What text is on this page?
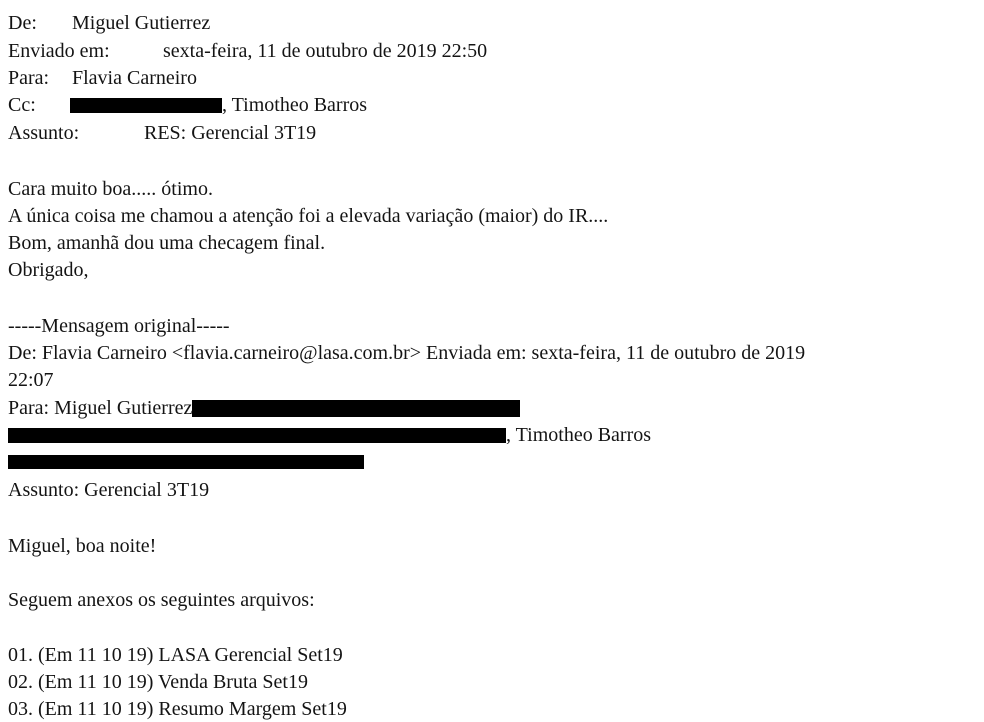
De: Miguel Gutierrez
Enviado em:	sexta-feira, 11 de outubro de 2019 22:50
Para: Flavia Carneiro
Cc:	, Timotheo Barros
Assunto:	RES: Gerencial 3T19
Cara muito boa..... ótimo.
A única coisa me chamou a atenção foi a elevada variação (maior) do IR....
Bom, amanhã dou uma checagem final.
Obrigado,
-----Mensagem original-----
De: Flavia Carneiro <flavia.carneiro@lasa.com.br> Enviada em: sexta-feira, 11 de outubro de 2019
22:07
Para: Miguel Gutierrez
, Timotheo Barros
Assunto: Gerencial 3T19
Miguel, boa noite!
Seguem anexos os seguintes arquivos:
01. (Em 11 10 19) LASA Gerencial Set19
02. (Em 11 10 19) Venda Bruta Set19
03. (Em 11 10 19) Resumo Margem Set19
